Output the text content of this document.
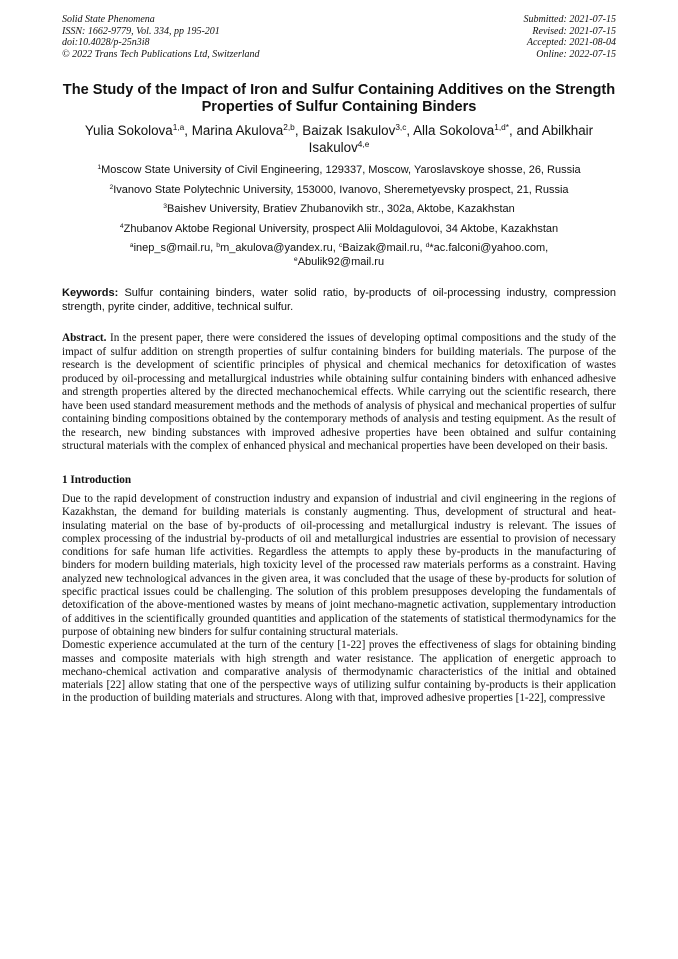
Solid State Phenomena
ISSN: 1662-9779, Vol. 334, pp 195-201
doi:10.4028/p-25n3i8
© 2022 Trans Tech Publications Ltd, Switzerland
Submitted: 2021-07-15
Revised: 2021-07-15
Accepted: 2021-08-04
Online: 2022-07-15
The Study of the Impact of Iron and Sulfur Containing Additives on the Strength Properties of Sulfur Containing Binders
Yulia Sokolova$^{1,a}$, Marina Akulova$^{2,b}$, Baizak Isakulov$^{3,c}$, Alla Sokolova$^{1,d*}$, and Abilkhair Isakulov$^{4,e}$
$^1$Moscow State University of Civil Engineering, 129337, Moscow, Yaroslavskoye shosse, 26, Russia
$^2$Ivanovo State Polytechnic University, 153000, Ivanovo, Sheremetyevsky prospect, 21, Russia
$^3$Baishev University, Bratiev Zhubanovikh str., 302a, Aktobe, Kazakhstan
$^4$Zhubanov Aktobe Regional University, prospect Alii Moldagulovoi, 34 Aktobe, Kazakhstan
$^a$inep_s@mail.ru, $^b$m_akulova@yandex.ru, $^c$Baizak@mail.ru, $^d$*ac.falconi@yahoo.com,
$^e$Abulik92@mail.ru
Keywords: Sulfur containing binders, water solid ratio, by-products of oil-processing industry, compression strength, pyrite cinder, additive, technical sulfur.
Abstract. In the present paper, there were considered the issues of developing optimal compositions and the study of the impact of sulfur addition on strength properties of sulfur containing binders for building materials. The purpose of the research is the development of scientific principles of physical and chemical mechanics for detoxification of wastes produced by oil-processing and metallurgical industries while obtaining sulfur containing binders with enhanced adhesive and strength properties altered by the directed mechanochemical effects. While carrying out the scientific research, there have been used standard measurement methods and the methods of analysis of physical and mechanical properties of sulfur containing binding compositions obtained by the contemporary methods of analysis and testing equipment. As the result of the research, new binding substances with improved adhesive properties have been obtained and sulfur containing structural materials with the complex of enhanced physical and mechanical properties have been developed on their basis.
1 Introduction

Due to the rapid development of construction industry and expansion of industrial and civil engineering in the regions of Kazakhstan, the demand for building materials is constanly augmenting. Thus, development of structural and heat-insulating material on the base of by-products of oil-processing and metallurgical industry is relevant. The issues of complex processing of the industrial by-products of oil and metallurgical industries are essential to provision of necessary conditions for safe human life activities. Regardless the attempts to apply these by-products in the manufacturing of binders for modern building materials, high toxicity level of the processed raw materials performs as a constraint. Having analyzed new technological advances in the given area, it was concluded that the usage of these by-products for solution of specific practical issues could be challenging. The solution of this problem presupposes developing the fundamentals of detoxification of the above-mentioned wastes by means of joint mechano-magnetic activation, supplementary introduction of additives in the scientifically grounded quantities and application of the statements of statistical thermodynamics for the purpose of obtaining new binders for sulfur containing structural materials.

Domestic experience accumulated at the turn of the century [1-22] proves the effectiveness of slags for obtaining binding masses and composite materials with high strength and water resistance. The application of energetic approach to mechano-chemical activation and comparative analysis of thermodynamic characteristics of the initial and obtained materials [22] allow stating that one of the perspective ways of utilizing sulfur containing by-products is their application in the production of building materials and structures. Along with that, improved adhesive properties [1-22], compressive
